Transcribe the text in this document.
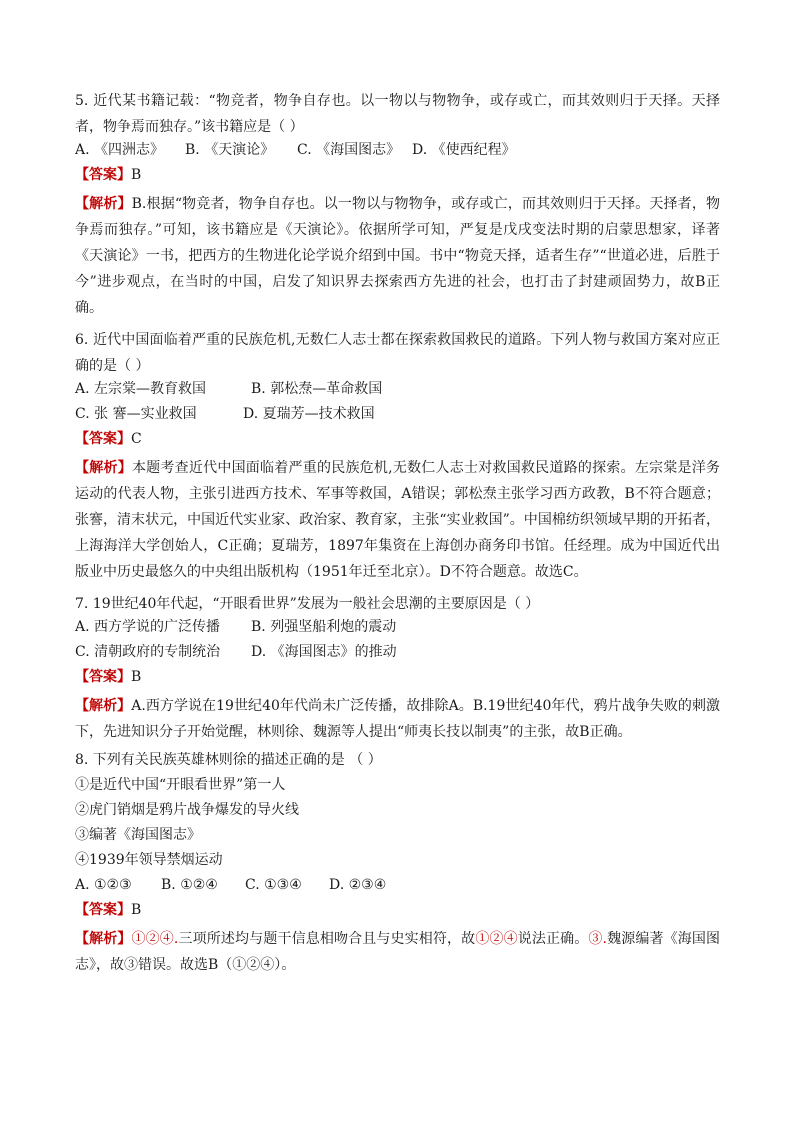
5. 近代某书籍记载：“物竞者，物争自存也。以一物以与物物争，或存或亡，而其效则归于天择。天择者，物争焉而独存。”该书籍应是（ ）
A. 《四洲志》	B. 《天演论》	C. 《海国图志》 D. 《使西纪程》
【答案】B
【解析】B.根据“物竞者，物争自存也。以一物以与物物争，或存或亡，而其效则归于天择。天择者，物争焉而独存。”可知，该书籍应是《天演论》。依据所学可知，严复是戊戌变法时期的启蒙思想家，译著《天演论》一书，把西方的生物进化论学说介绍到中国。书中“物竞天择，适者生存”“世道必进，后胜于今”进步观点，在当时的中国，启发了知识界去探索西方先进的社会，也打击了封建顽固势力，故B正确。
6. 近代中国面临着严重的民族危机,无数仁人志士都在探索救国救民的道路。下列人物与救国方案对应正确的是（ ）
A. 左宗棠—教育救国	B. 郭松焘—革命救国
C. 张 謇—实业救国	D. 夏瑞芳—技术救国
【答案】C
【解析】本题考查近代中国面临着严重的民族危机,无数仁人志士对救国救民道路的探索。左宗棠是洋务运动的代表人物，主张引进西方技术、军事等救国，A错误；郭松焘主张学习西方政教，B不符合题意；张謇，清末状元，中国近代实业家、政治家、教育家，主张“实业救国”。中国棉纺织领域早期的开拓者，上海海洋大学创始人，C正确；夏瑞芳，1897年集资在上海创办商务印书馆。任经理。成为中国近代出版业中历史最悠久的中央组出版机构（1951年迁至北京）。D不符合题意。故选C。
7. 19世纪40年代起，“开眼看世界”发展为一般社会思潮的主要原因是（ ）
A. 西方学说的广泛传播	B. 列强坚船利炮的震动
C. 清朝政府的专制统治	D. 《海国图志》的推动
【答案】B
【解析】A.西方学说在19世纪40年代尚未广泛传播，故排除A。B.19世纪40年代，鸦片战争失败的刺激下，先进知识分子开始觉醒，林则徐、魏源等人提出“师夷长技以制夷”的主张，故B正确。
8. 下列有关民族英雄林则徐的描述正确的是 （ ）
①是近代中国“开眼看世界”第一人
②虎门销烟是鸦片战争爆发的导火线
③编著《海国图志》
④1939年领导禁烟运动
A. ①②③	B. ①②④	C. ①③④	D. ②③④
【答案】B
【解析】①②④.三项所述均与题干信息相吻合且与史实相符，故①②④说法正确。③.魏源编著《海国图志》，故③错误。故选B（①②④）。
